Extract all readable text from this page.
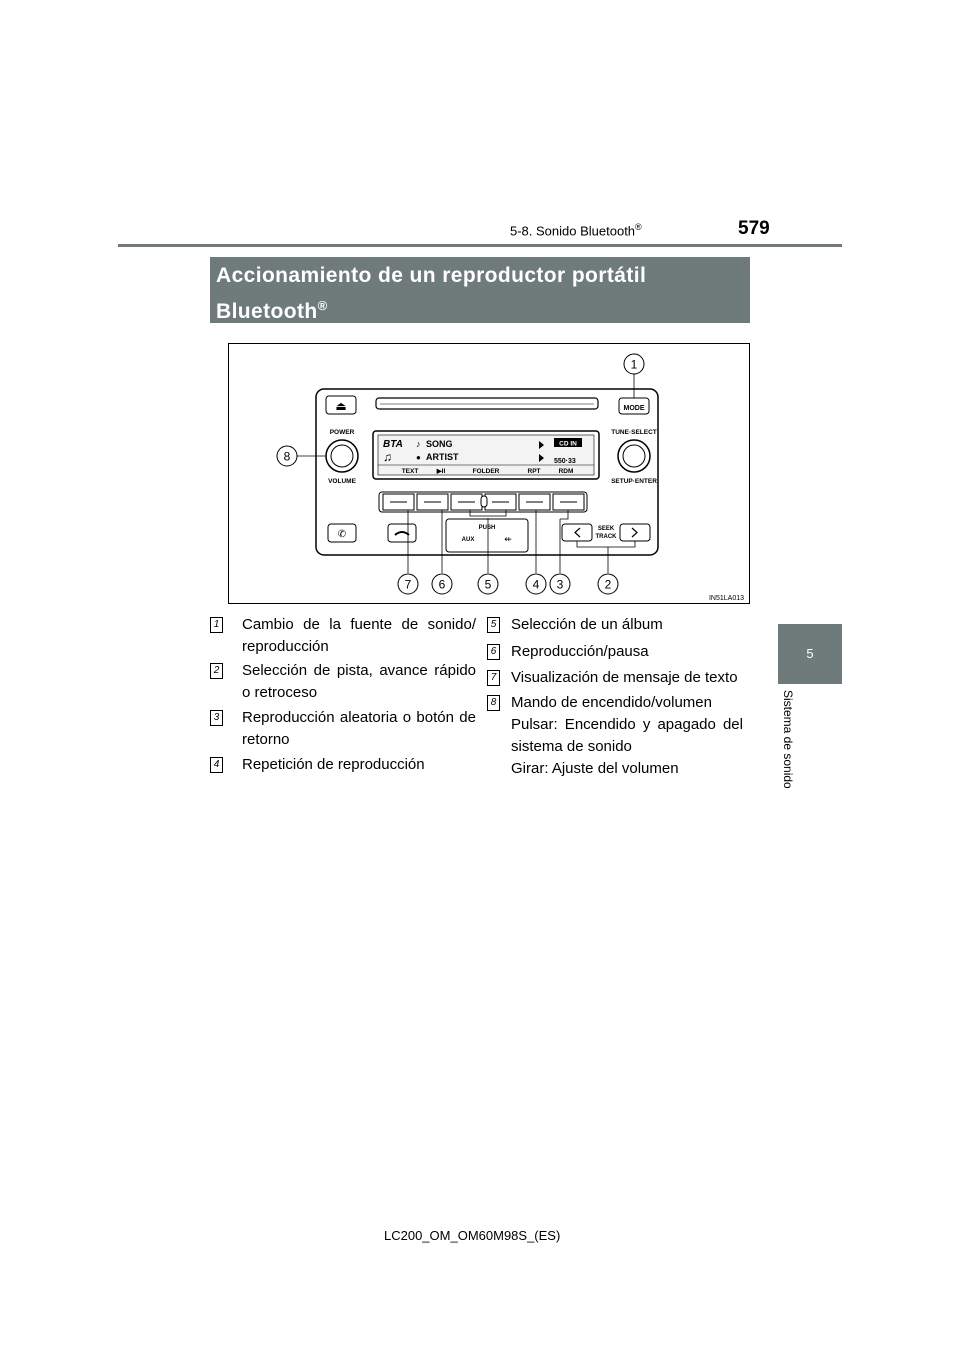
5-8. Sonido Bluetooth®	579
5
Sistema de sonido
Accionamiento de un reproductor portátil
Bluetooth®
⏏	MODE
POWER
VOLUME
TUNE·SELECT
SETUP·ENTER
BTA ♪ SONG
♫	● ARTIST
CD IN
550·33
TEXT	▶II	FOLDER	RPT	RDM
✆
PUSH
AUX	⇷
SEEK
TRACK
1
8
7 6	5	4 3	2
IN51LA013
1 Cambio de la fuente de sonido/ reproducción
2 Selección de pista, avance rápido o retroceso
3 Reproducción aleatoria o botón de retorno
4 Repetición de reproducción
5 Selección de un álbum
6 Reproducción/pausa
7 Visualización de mensaje de texto
8 Mando de encendido/volumen
Pulsar: Encendido y apagado del sistema de sonido
Girar: Ajuste del volumen
LC200_OM_OM60M98S_(ES)
